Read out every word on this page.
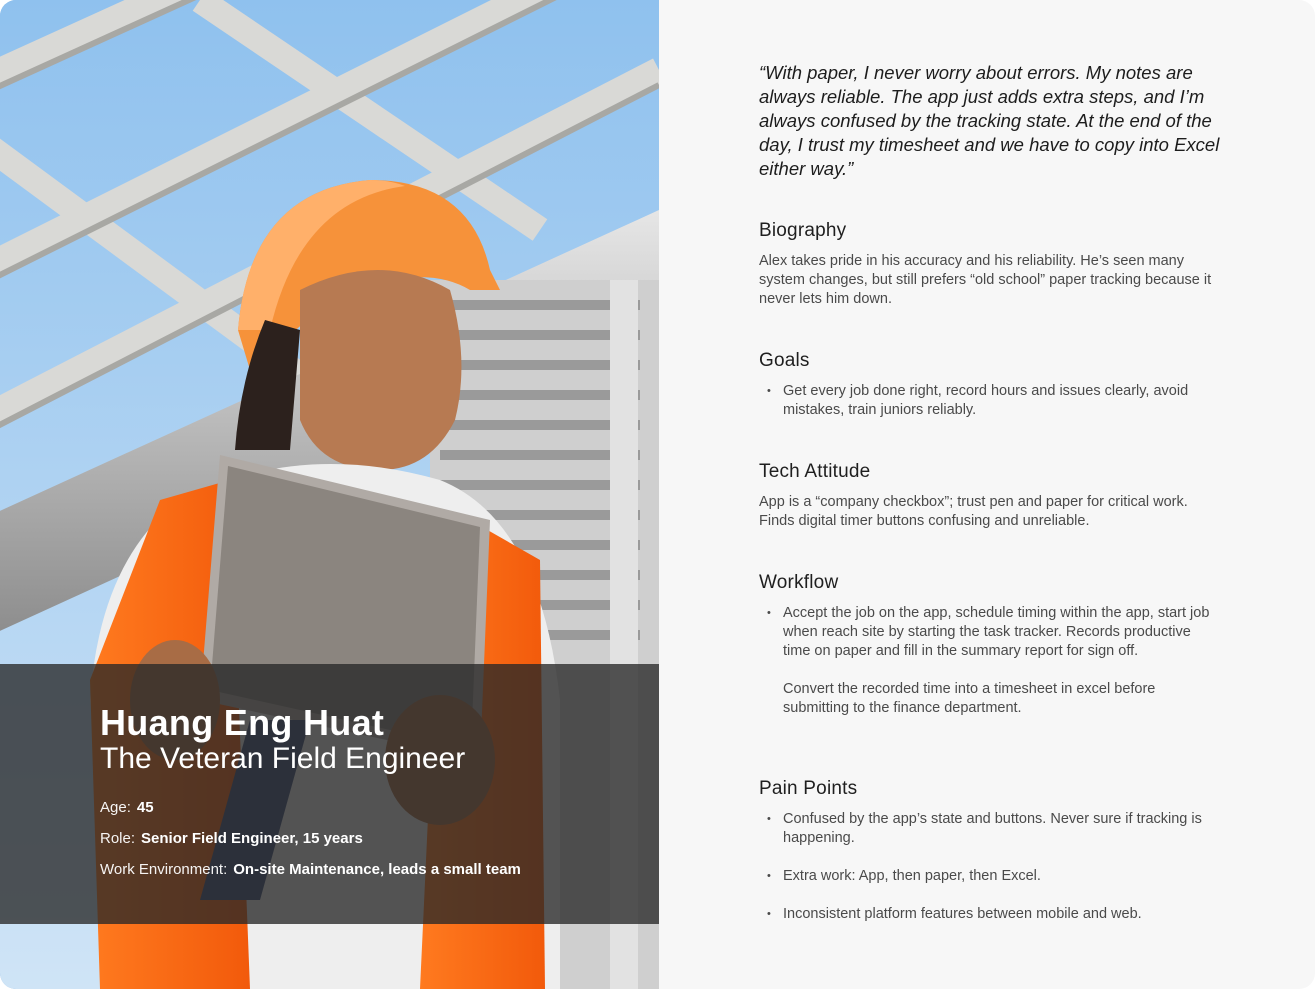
Huang Eng Huat
The Veteran Field Engineer
Age: 45
Role: Senior Field Engineer, 15 years
Work Environment: On-site Maintenance, leads a small team

“With paper, I never worry about errors. My notes are always reliable. The app just adds extra steps, and I’m always confused by the tracking state. At the end of the day, I trust my timesheet and we have to copy into Excel either way.”

Biography

Alex takes pride in his accuracy and his reliability. He’s seen many system changes, but still prefers “old school” paper tracking because it never lets him down.

Goals
• Get every job done right, record hours and issues clearly, avoid mistakes, train juniors reliably.
Tech Attitude

App is a “company checkbox”; trust pen and paper for critical work. Finds digital timer buttons confusing and unreliable.

Workflow
• Accept the job on the app, schedule timing within the app, start job when reach site by starting the task tracker. Records productive time on paper and fill in the summary report for sign off.
Convert the recorded time into a timesheet in excel before submitting to the finance department.
Pain Points
• Confused by the app’s state and buttons. Never sure if tracking is happening.
• Extra work: App, then paper, then Excel.
• Inconsistent platform features between mobile and web.
